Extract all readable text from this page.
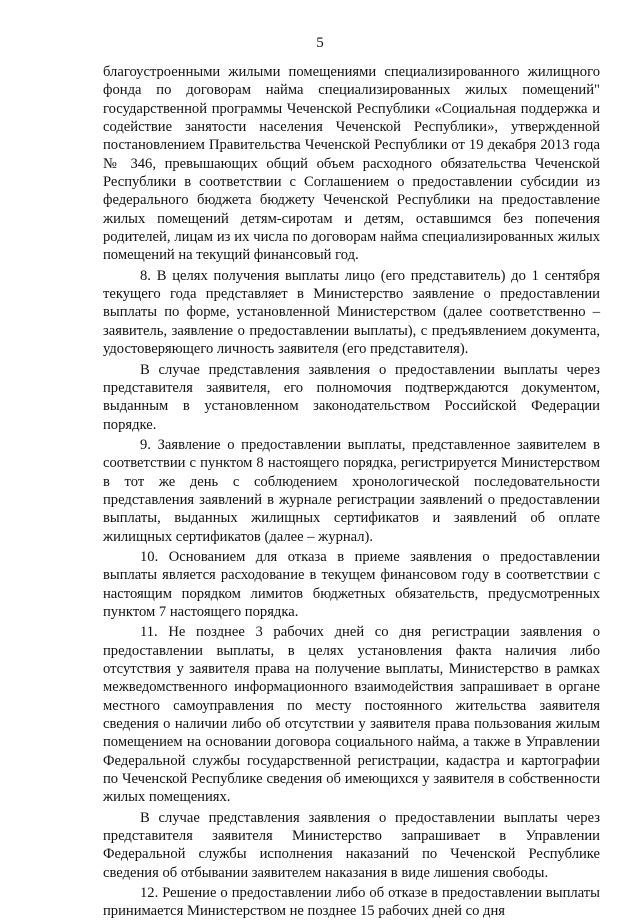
5

благоустроенными жилыми помещениями специализированного жилищного фонда по договорам найма специализированных жилых помещений" государственной программы Чеченской Республики «Социальная поддержка и содействие занятости населения Чеченской Республики», утвержденной постановлением Правительства Чеченской Республики от 19 декабря 2013 года № 346, превышающих общий объем расходного обязательства Чеченской Республики в соответствии с Соглашением о предоставлении субсидии из федерального бюджета бюджету Чеченской Республики на предоставление жилых помещений детям-сиротам и детям, оставшимся без попечения родителей, лицам из их числа по договорам найма специализированных жилых помещений на текущий финансовый год.

8. В целях получения выплаты лицо (его представитель) до 1 сентября текущего года представляет в Министерство заявление о предоставлении выплаты по форме, установленной Министерством (далее соответственно – заявитель, заявление о предоставлении выплаты), с предъявлением документа, удостоверяющего личность заявителя (его представителя).

В случае представления заявления о предоставлении выплаты через представителя заявителя, его полномочия подтверждаются документом, выданным в установленном законодательством Российской Федерации порядке.

9. Заявление о предоставлении выплаты, представленное заявителем в соответствии с пунктом 8 настоящего порядка, регистрируется Министерством в тот же день с соблюдением хронологической последовательности представления заявлений в журнале регистрации заявлений о предоставлении выплаты, выданных жилищных сертификатов и заявлений об оплате жилищных сертификатов (далее – журнал).

10. Основанием для отказа в приеме заявления о предоставлении выплаты является расходование в текущем финансовом году в соответствии с настоящим порядком лимитов бюджетных обязательств, предусмотренных пунктом 7 настоящего порядка.

11. Не позднее 3 рабочих дней со дня регистрации заявления о предоставлении выплаты, в целях установления факта наличия либо отсутствия у заявителя права на получение выплаты, Министерство в рамках межведомственного информационного взаимодействия запрашивает в органе местного самоуправления по месту постоянного жительства заявителя сведения о наличии либо об отсутствии у заявителя права пользования жилым помещением на основании договора социального найма, а также в Управлении Федеральной службы государственной регистрации, кадастра и картографии по Чеченской Республике сведения об имеющихся у заявителя в собственности жилых помещениях.

В случае представления заявления о предоставлении выплаты через представителя заявителя Министерство запрашивает в Управлении Федеральной службы исполнения наказаний по Чеченской Республике сведения об отбывании заявителем наказания в виде лишения свободы.

12. Решение о предоставлении либо об отказе в предоставлении выплаты принимается Министерством не позднее 15 рабочих дней со дня
